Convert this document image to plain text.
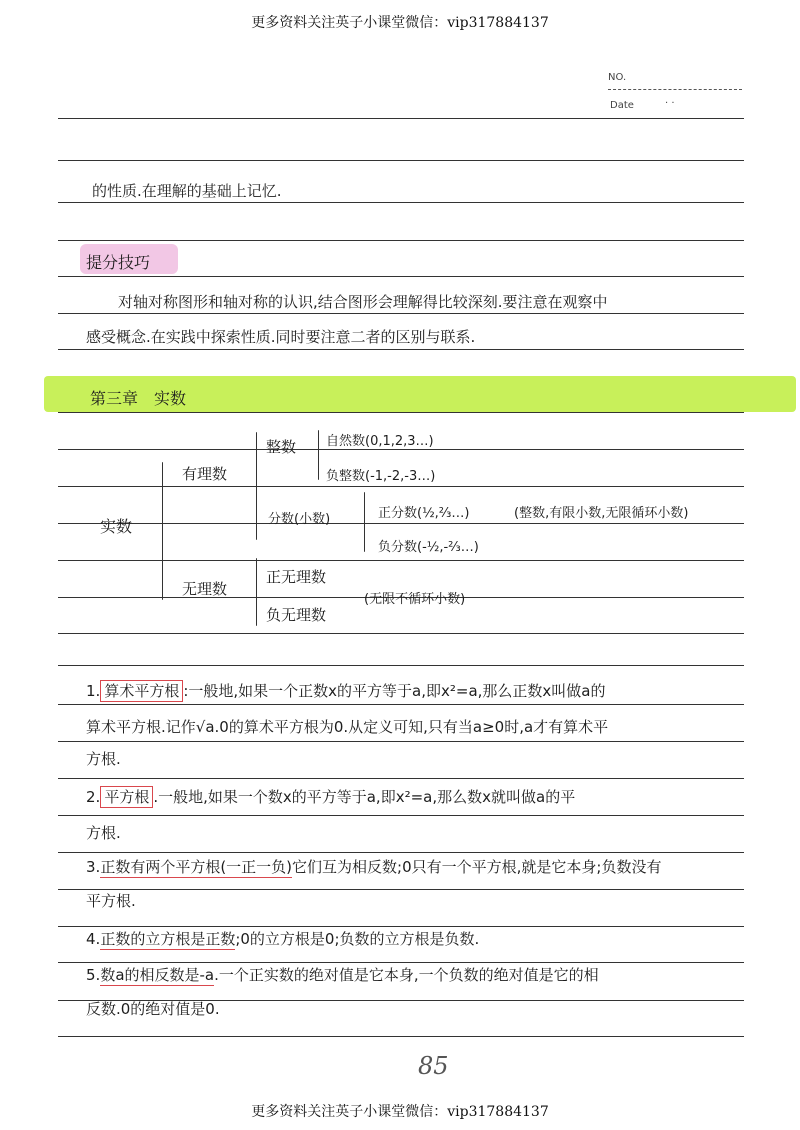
更多资料关注英子小课堂微信：vip317884137
更多资料关注英子小课堂微信：vip317884137
NO.
Date	· ·
的性质.在理解的基础上记忆.
提分技巧
对轴对称图形和轴对称的认识,结合图形会理解得比较深刻.要注意在观察中
感受概念.在实践中探索性质.同时要注意二者的区别与联系.
第三章　实数
实数
有理数
整数 自然数(0,1,2,3…)
负整数(-1,-2,-3…)
分数(小数)	正分数(½,⅔…)	(整数,有限小数,无限循环小数)
负分数(-½,-⅔…)
无理数
正无理数
负无理数
(无限不循环小数)
1. 算术平方根 :一般地,如果一个正数x的平方等于a,即x²=a,那么正数x叫做a的
算术平方根.记作√a.0的算术平方根为0.从定义可知,只有当a≥0时,a才有算术平
方根.
2. 平方根 .一般地,如果一个数x的平方等于a,即x²=a,那么数x就叫做a的平
方根.
3.正数有两个平方根(一正一负)它们互为相反数;0只有一个平方根,就是它本身;负数没有
平方根.
4.正数的立方根是正数;0的立方根是0;负数的立方根是负数.
5.数a的相反数是-a.一个正实数的绝对值是它本身,一个负数的绝对值是它的相
反数.0的绝对值是0.
85
